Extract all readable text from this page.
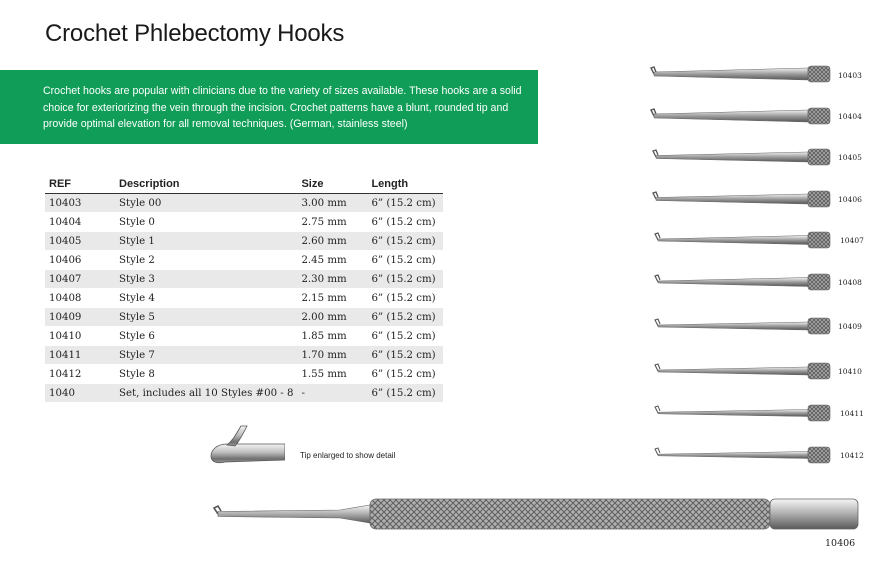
Crochet Phlebectomy Hooks
Crochet hooks are popular with clinicians due to the variety of sizes available. These hooks are a solid choice for exteriorizing the vein through the incision. Crochet patterns have a blunt, rounded tip and provide optimal elevation for all removal techniques. (German, stainless steel)
REF	Description	Size	Length
10403	Style 00	3.00 mm	6” (15.2 cm)
10404	Style 0	2.75 mm	6” (15.2 cm)
10405	Style 1	2.60 mm	6” (15.2 cm)
10406	Style 2	2.45 mm	6” (15.2 cm)
10407	Style 3	2.30 mm	6” (15.2 cm)
10408	Style 4	2.15 mm	6” (15.2 cm)
10409	Style 5	2.00 mm	6” (15.2 cm)
10410	Style 6	1.85 mm	6” (15.2 cm)
10411	Style 7	1.70 mm	6” (15.2 cm)
10412	Style 8	1.55 mm	6” (15.2 cm)
1040	Set, includes all 10 Styles #00 - 8	-	6” (15.2 cm)
Tip enlarged to show detail
10403
10404
10405
10406
10407
10408
10409
10410
10411
10412
10406
